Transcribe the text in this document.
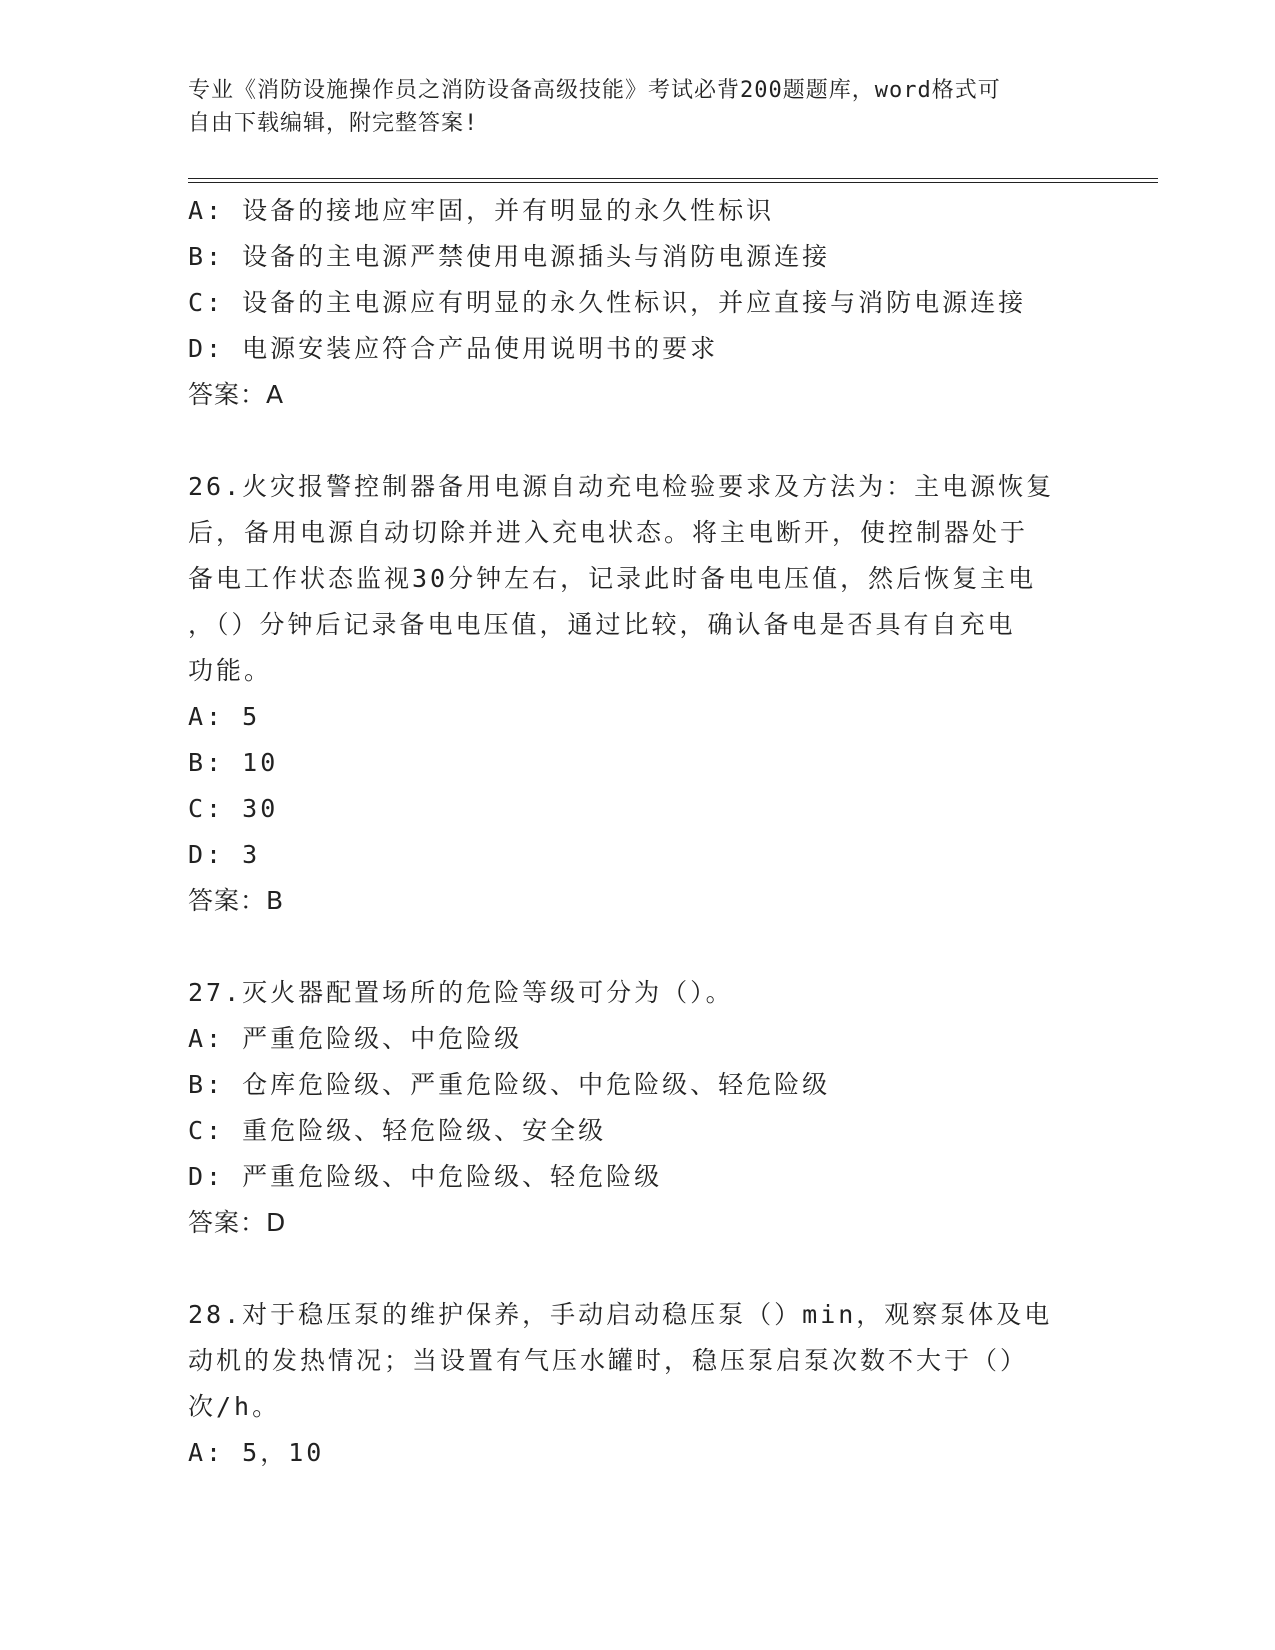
专业《消防设施操作员之消防设备高级技能》考试必背200题题库，word格式可
自由下载编辑，附完整答案!
A: 设备的接地应牢固，并有明显的永久性标识
B: 设备的主电源严禁使用电源插头与消防电源连接
C: 设备的主电源应有明显的永久性标识，并应直接与消防电源连接
D: 电源安装应符合产品使用说明书的要求
答案：A
26.火灾报警控制器备用电源自动充电检验要求及方法为：主电源恢复
后，备用电源自动切除并进入充电状态。将主电断开，使控制器处于
备电工作状态监视30分钟左右，记录此时备电电压值，然后恢复主电
，（）分钟后记录备电电压值，通过比较，确认备电是否具有自充电
功能。
A: 5
B: 10
C: 30
D: 3
答案：B
27.灭火器配置场所的危险等级可分为（）。
A: 严重危险级、中危险级
B: 仓库危险级、严重危险级、中危险级、轻危险级
C: 重危险级、轻危险级、安全级
D: 严重危险级、中危险级、轻危险级
答案：D
28.对于稳压泵的维护保养，手动启动稳压泵（）min，观察泵体及电
动机的发热情况；当设置有气压水罐时，稳压泵启泵次数不大于（）
次/h。
A: 5，10
